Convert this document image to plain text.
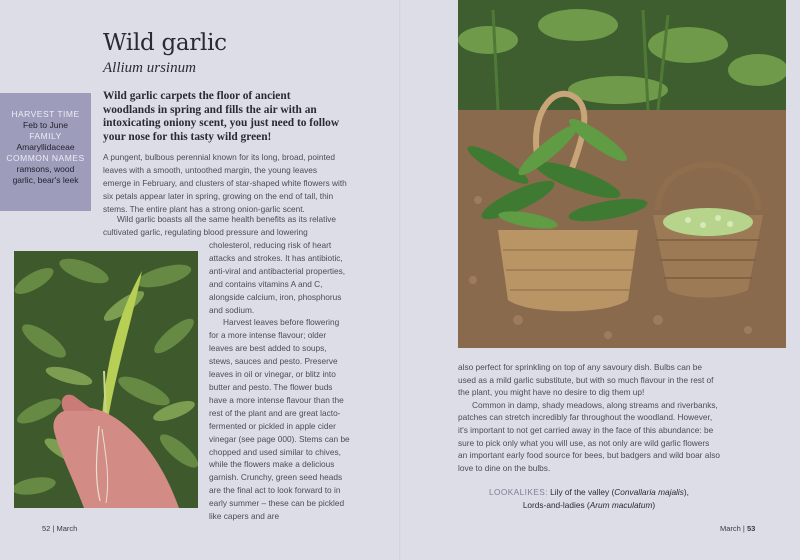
Wild garlic
Allium ursinum
HARVEST TIME
Feb to June
FAMILY
Amaryllidaceae
COMMON NAMES
ramsons, wood garlic, bear's leek

Wild garlic carpets the floor of ancient woodlands in spring and fills the air with an intoxicating oniony scent, you just need to follow your nose for this tasty wild green!

A pungent, bulbous perennial known for its long, broad, pointed leaves with a smooth, untoothed margin, the young leaves emerge in February, and clusters of star-shaped white flowers with six petals appear later in spring, growing on the end of tall, thin stems. The entire plant has a strong onion-garlic scent.

Wild garlic boasts all the same health benefits as its relative cultivated garlic, regulating blood pressure and lowering

cholesterol, reducing risk of heart attacks and strokes. It has antibiotic, anti-viral and antibacterial properties, and contains vitamins A and C, alongside calcium, iron, phosphorus and sodium.

Harvest leaves before flowering for a more intense flavour; older leaves are best added to soups, stews, sauces and pesto. Preserve leaves in oil or vinegar, or blitz into butter and pesto. The flower buds have a more intense flavour than the rest of the plant and are great lacto-fermented or pickled in apple cider vinegar (see page 000). Stems can be chopped and used similar to chives, while the flowers make a delicious garnish. Crunchy, green seed heads are the final act to look forward to in early summer – these can be pickled like capers and are

52 | March

also perfect for sprinkling on top of any savoury dish. Bulbs can be used as a mild garlic substitute, but with so much flavour in the rest of the plant, you might have no desire to dig them up!

Common in damp, shady meadows, along streams and riverbanks, patches can stretch incredibly far throughout the woodland. However, it's important to not get carried away in the face of this abundance: be sure to pick only what you will use, as not only are wild garlic flowers an important early food source for bees, but badgers and wild boar also love to dine on the bulbs.

LOOKALIKES: Lily of the valley (Convallaria majalis),
Lords-and-ladies (Arum maculatum)
March | 53
